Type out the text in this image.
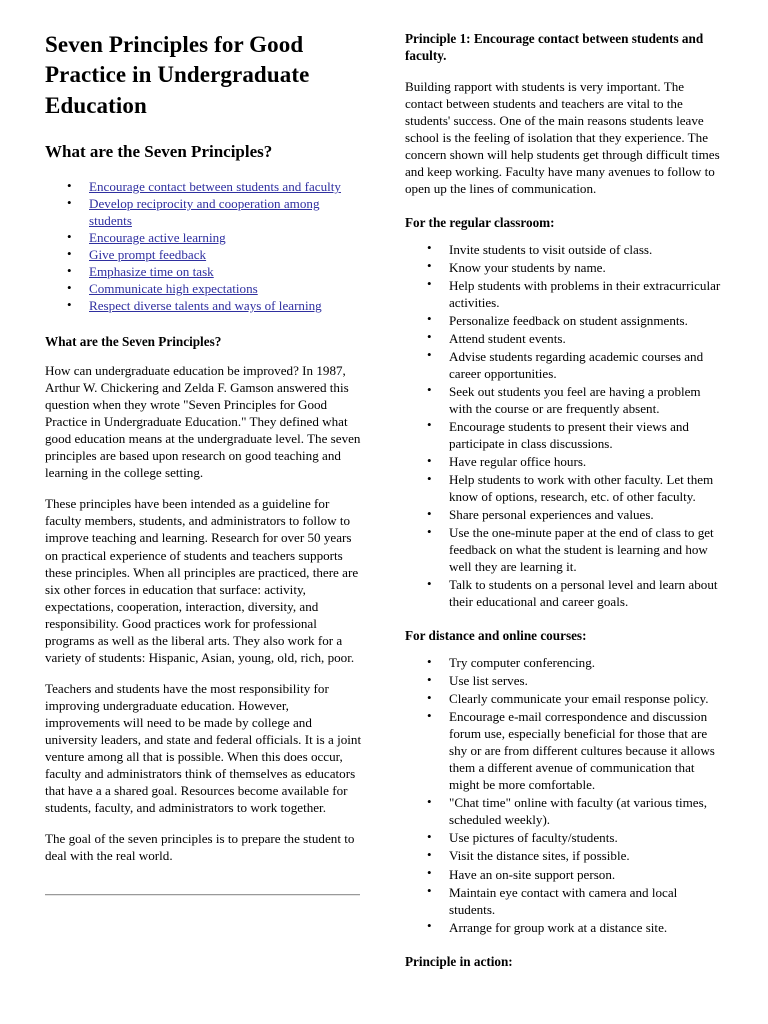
Seven Principles for Good Practice in Undergraduate Education
What are the Seven Principles?
• Encourage contact between students and faculty
• Develop reciprocity and cooperation among students
• Encourage active learning
• Give prompt feedback
• Emphasize time on task
• Communicate high expectations
• Respect diverse talents and ways of learning
What are the Seven Principles?

How can undergraduate education be improved? In 1987, Arthur W. Chickering and Zelda F. Gamson answered this question when they wrote "Seven Principles for Good Practice in Undergraduate Education." They defined what good education means at the undergraduate level. The seven principles are based upon research on good teaching and learning in the college setting.

These principles have been intended as a guideline for faculty members, students, and administrators to follow to improve teaching and learning. Research for over 50 years on practical experience of students and teachers supports these principles. When all principles are practiced, there are six other forces in education that surface: activity, expectations, cooperation, interaction, diversity, and responsibility. Good practices work for professional programs as well as the liberal arts. They also work for a variety of students: Hispanic, Asian, young, old, rich, poor.

Teachers and students have the most responsibility for improving undergraduate education. However, improvements will need to be made by college and university leaders, and state and federal officials. It is a joint venture among all that is possible. When this does occur, faculty and administrators think of themselves as educators that have a a shared goal. Resources become available for students, faculty, and administrators to work together.

The goal of the seven principles is to prepare the student to deal with the real world.

Principle 1: Encourage contact between students and faculty.

Building rapport with students is very important. The contact between students and teachers are vital to the students' success. One of the main reasons students leave school is the feeling of isolation that they experience. The concern shown will help students get through difficult times and keep working. Faculty have many avenues to follow to open up the lines of communication.

For the regular classroom:
• Invite students to visit outside of class.
• Know your students by name.
• Help students with problems in their extracurricular activities.
• Personalize feedback on student assignments.
• Attend student events.
• Advise students regarding academic courses and career opportunities.
• Seek out students you feel are having a problem with the course or are frequently absent.
• Encourage students to present their views and participate in class discussions.
• Have regular office hours.
• Help students to work with other faculty. Let them know of options, research, etc. of other faculty.
• Share personal experiences and values.
• Use the one-minute paper at the end of class to get feedback on what the student is learning and how well they are learning it.
• Talk to students on a personal level and learn about their educational and career goals.
For distance and online courses:
• Try computer conferencing.
• Use list serves.
• Clearly communicate your email response policy.
• Encourage e-mail correspondence and discussion forum use, especially beneficial for those that are shy or are from different cultures because it allows them a different avenue of communication that might be more comfortable.
• "Chat time" online with faculty (at various times, scheduled weekly).
• Use pictures of faculty/students.
• Visit the distance sites, if possible.
• Have an on-site support person.
• Maintain eye contact with camera and local students.
• Arrange for group work at a distance site.
Principle in action:
